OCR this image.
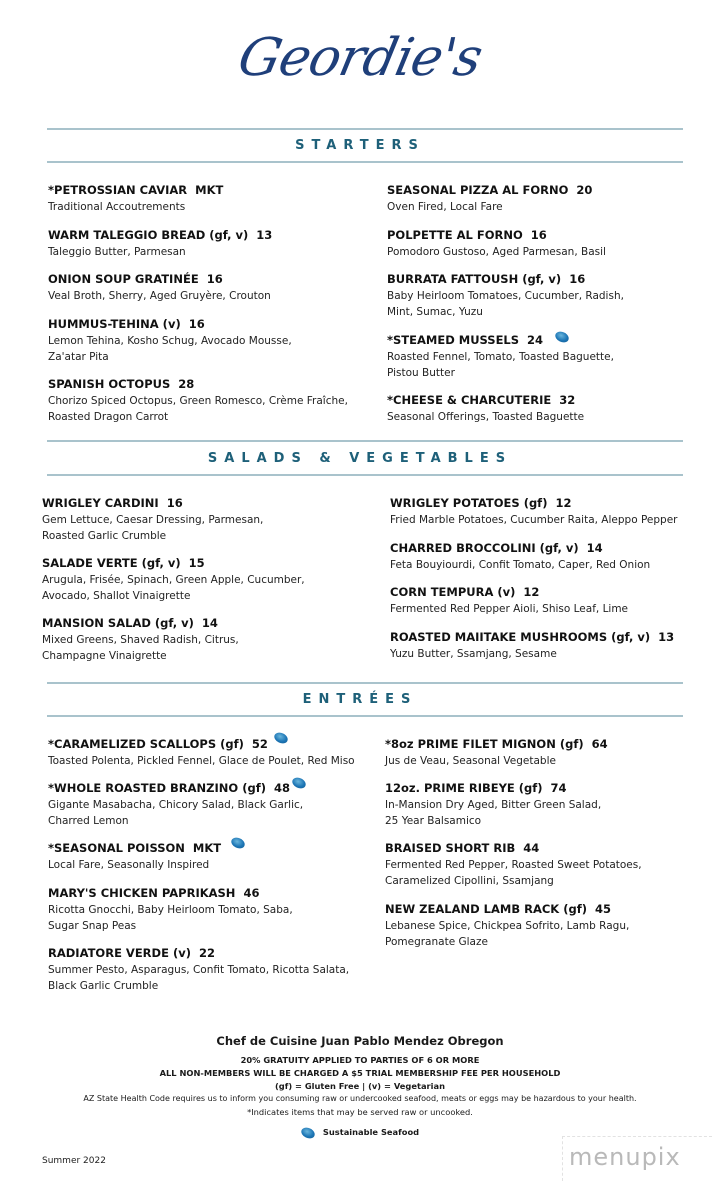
Geordie's
STARTERS
*PETROSSIAN CAVIAR MKT
Traditional Accoutrements
WARM TALEGGIO BREAD (gf, v) 13
Taleggio Butter, Parmesan
ONION SOUP GRATINÉE 16
Veal Broth, Sherry, Aged Gruyère, Crouton
HUMMUS-TEHINA (v) 16
Lemon Tehina, Kosho Schug, Avocado Mousse,
Za'atar Pita
SPANISH OCTOPUS 28
Chorizo Spiced Octopus, Green Romesco, Crème Fraîche,
Roasted Dragon Carrot
SEASONAL PIZZA AL FORNO 20
Oven Fired, Local Fare
POLPETTE AL FORNO 16
Pomodoro Gustoso, Aged Parmesan, Basil
BURRATA FATTOUSH (gf, v) 16
Baby Heirloom Tomatoes, Cucumber, Radish,
Mint, Sumac, Yuzu
*STEAMED MUSSELS 24
Roasted Fennel, Tomato, Toasted Baguette,
Pistou Butter
*CHEESE & CHARCUTERIE 32
Seasonal Offerings, Toasted Baguette
SALADS & VEGETABLES
WRIGLEY CARDINI 16
Gem Lettuce, Caesar Dressing, Parmesan,
Roasted Garlic Crumble
SALADE VERTE (gf, v) 15
Arugula, Frisée, Spinach, Green Apple, Cucumber,
Avocado, Shallot Vinaigrette
MANSION SALAD (gf, v) 14
Mixed Greens, Shaved Radish, Citrus,
Champagne Vinaigrette
WRIGLEY POTATOES (gf) 12
Fried Marble Potatoes, Cucumber Raita, Aleppo Pepper
CHARRED BROCCOLINI (gf, v) 14
Feta Bouyiourdi, Confit Tomato, Caper, Red Onion
CORN TEMPURA (v) 12
Fermented Red Pepper Aioli, Shiso Leaf, Lime
ROASTED MAIITAKE MUSHROOMS (gf, v) 13
Yuzu Butter, Ssamjang, Sesame
ENTRÉES
*CARAMELIZED SCALLOPS (gf) 52
Toasted Polenta, Pickled Fennel, Glace de Poulet, Red Miso
*WHOLE ROASTED BRANZINO (gf) 48
Gigante Masabacha, Chicory Salad, Black Garlic,
Charred Lemon
*SEASONAL POISSON MKT
Local Fare, Seasonally Inspired
MARY'S CHICKEN PAPRIKASH 46
Ricotta Gnocchi, Baby Heirloom Tomato, Saba,
Sugar Snap Peas
RADIATORE VERDE (v) 22
Summer Pesto, Asparagus, Confit Tomato, Ricotta Salata,
Black Garlic Crumble
*8oz PRIME FILET MIGNON (gf) 64
Jus de Veau, Seasonal Vegetable
12oz. PRIME RIBEYE (gf) 74
In-Mansion Dry Aged, Bitter Green Salad,
25 Year Balsamico
BRAISED SHORT RIB 44
Fermented Red Pepper, Roasted Sweet Potatoes,
Caramelized Cipollini, Ssamjang
NEW ZEALAND LAMB RACK (gf) 45
Lebanese Spice, Chickpea Sofrito, Lamb Ragu,
Pomegranate Glaze
Chef de Cuisine Juan Pablo Mendez Obregon
20% GRATUITY APPLIED TO PARTIES OF 6 OR MORE
ALL NON-MEMBERS WILL BE CHARGED A $5 TRIAL MEMBERSHIP FEE PER HOUSEHOLD
(gf) = Gluten Free | (v) = Vegetarian
AZ State Health Code requires us to inform you consuming raw or undercooked seafood, meats or eggs may be hazardous to your health.
*Indicates items that may be served raw or uncooked.
Sustainable Seafood
Summer 2022	menupix
